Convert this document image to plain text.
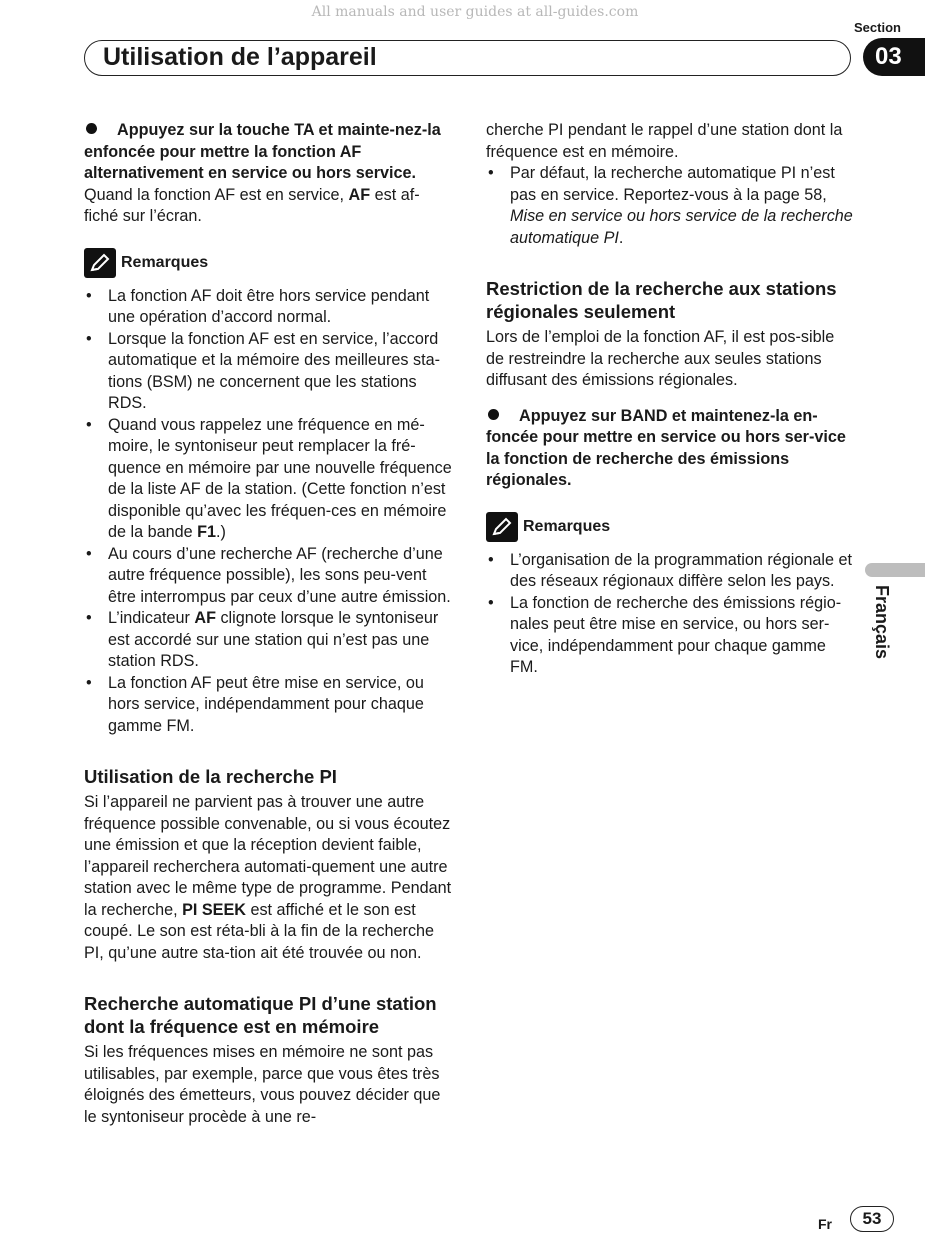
All manuals and user guides at all-guides.com
Section
03
Utilisation de l’appareil

Appuyez sur la touche TA et mainte-nez-la enfoncée pour mettre la fonction AF alternativement en service ou hors service.

Quand la fonction AF est en service, AF est af-fiché sur l’écran.

Remarques
• La fonction AF doit être hors service pendant une opération d’accord normal.
• Lorsque la fonction AF est en service, l’accord automatique et la mémoire des meilleures sta-tions (BSM) ne concernent que les stations RDS.
• Quand vous rappelez une fréquence en mé-moire, le syntoniseur peut remplacer la fré-quence en mémoire par une nouvelle fréquence de la liste AF de la station. (Cette fonction n’est disponible qu’avec les fréquen-ces en mémoire de la bande F1.)
• Au cours d’une recherche AF (recherche d’une autre fréquence possible), les sons peu-vent être interrompus par ceux d’une autre émission.
• L’indicateur AF clignote lorsque le syntoniseur est accordé sur une station qui n’est pas une station RDS.
• La fonction AF peut être mise en service, ou hors service, indépendamment pour chaque gamme FM.
Utilisation de la recherche PI

Si l’appareil ne parvient pas à trouver une autre fréquence possible convenable, ou si vous écoutez une émission et que la réception devient faible, l’appareil recherchera automati-quement une autre station avec le même type de programme. Pendant la recherche, PI SEEK est affiché et le son est coupé. Le son est réta-bli à la fin de la recherche PI, qu’une autre sta-tion ait été trouvée ou non.

Recherche automatique PI d’une station dont la fréquence est en mémoire

Si les fréquences mises en mémoire ne sont pas utilisables, par exemple, parce que vous êtes très éloignés des émetteurs, vous pouvez décider que le syntoniseur procède à une re-

cherche PI pendant le rappel d’une station dont la fréquence est en mémoire.

• Par défaut, la recherche automatique PI n’est pas en service. Reportez-vous à la page 58, Mise en service ou hors service de la recherche automatique PI.
Restriction de la recherche aux stations régionales seulement

Lors de l’emploi de la fonction AF, il est pos-sible de restreindre la recherche aux seules stations diffusant des émissions régionales.

Appuyez sur BAND et maintenez-la en-foncée pour mettre en service ou hors ser-vice la fonction de recherche des émissions régionales.

Remarques
• L’organisation de la programmation régionale et des réseaux régionaux diffère selon les pays.
• La fonction de recherche des émissions régio-nales peut être mise en service, ou hors ser-vice, indépendamment pour chaque gamme FM.
Français
Fr	53
